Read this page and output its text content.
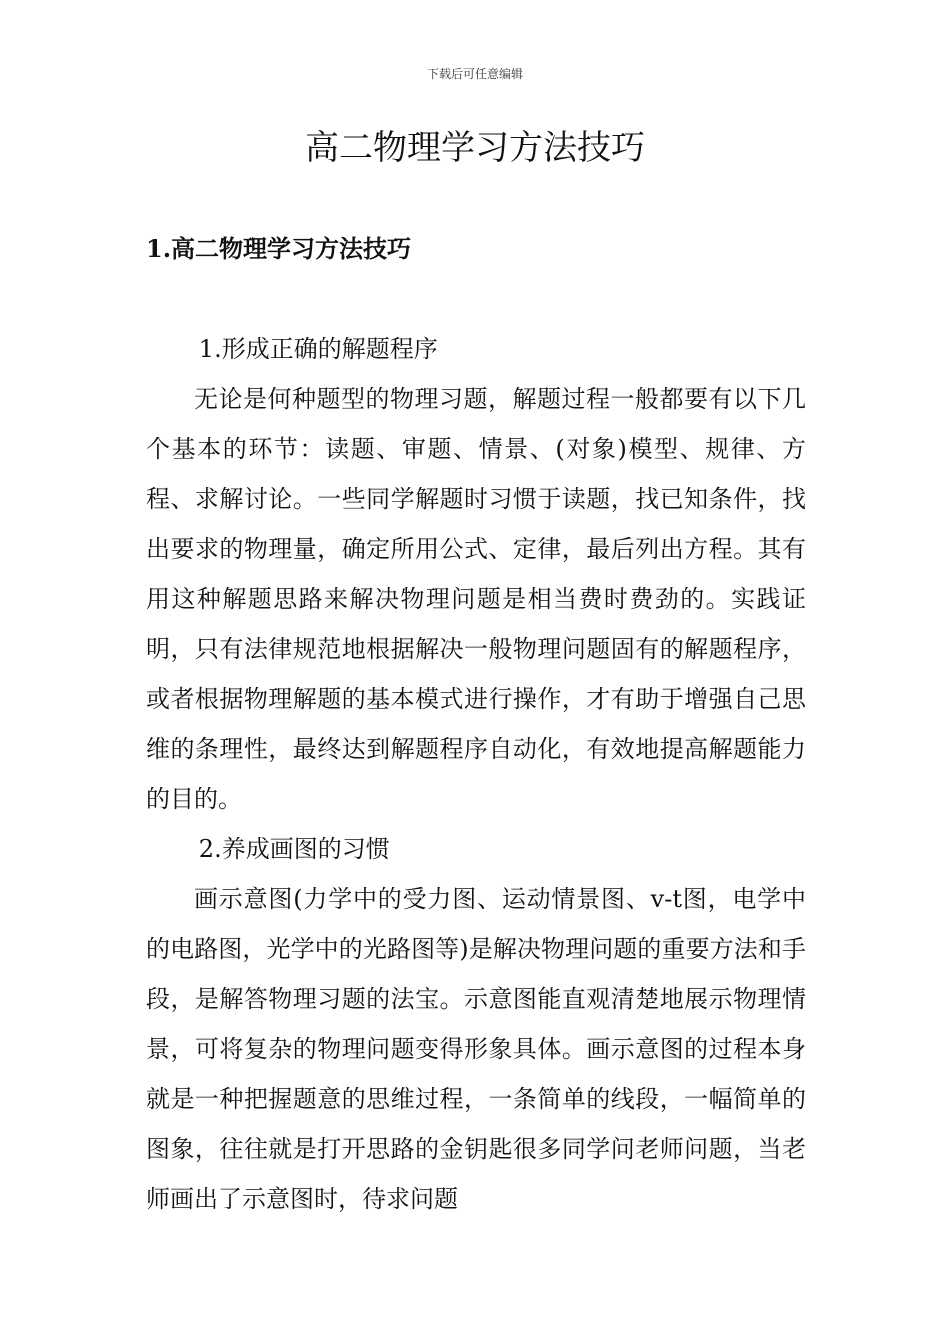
下载后可任意编辑
高二物理学习方法技巧
1.高二物理学习方法技巧

1.形成正确的解题程序

无论是何种题型的物理习题，解题过程一般都要有以下几个基本的环节：读题、审题、情景、(对象)模型、规律、方程、求解讨论。一些同学解题时习惯于读题，找已知条件，找出要求的物理量，确定所用公式、定律，最后列出方程。其有用这种解题思路来解决物理问题是相当费时费劲的。实践证明，只有法律规范地根据解决一般物理问题固有的解题程序，或者根据物理解题的基本模式进行操作，才有助于增强自己思维的条理性，最终达到解题程序自动化，有效地提高解题能力的目的。

2.养成画图的习惯

画示意图(力学中的受力图、运动情景图、v-t图，电学中的电路图，光学中的光路图等)是解决物理问题的重要方法和手段，是解答物理习题的法宝。示意图能直观清楚地展示物理情景，可将复杂的物理问题变得形象具体。画示意图的过程本身就是一种把握题意的思维过程，一条简单的线段，一幅简单的图象，往往就是打开思路的金钥匙很多同学问老师问题，当老师画出了示意图时，待求问题
